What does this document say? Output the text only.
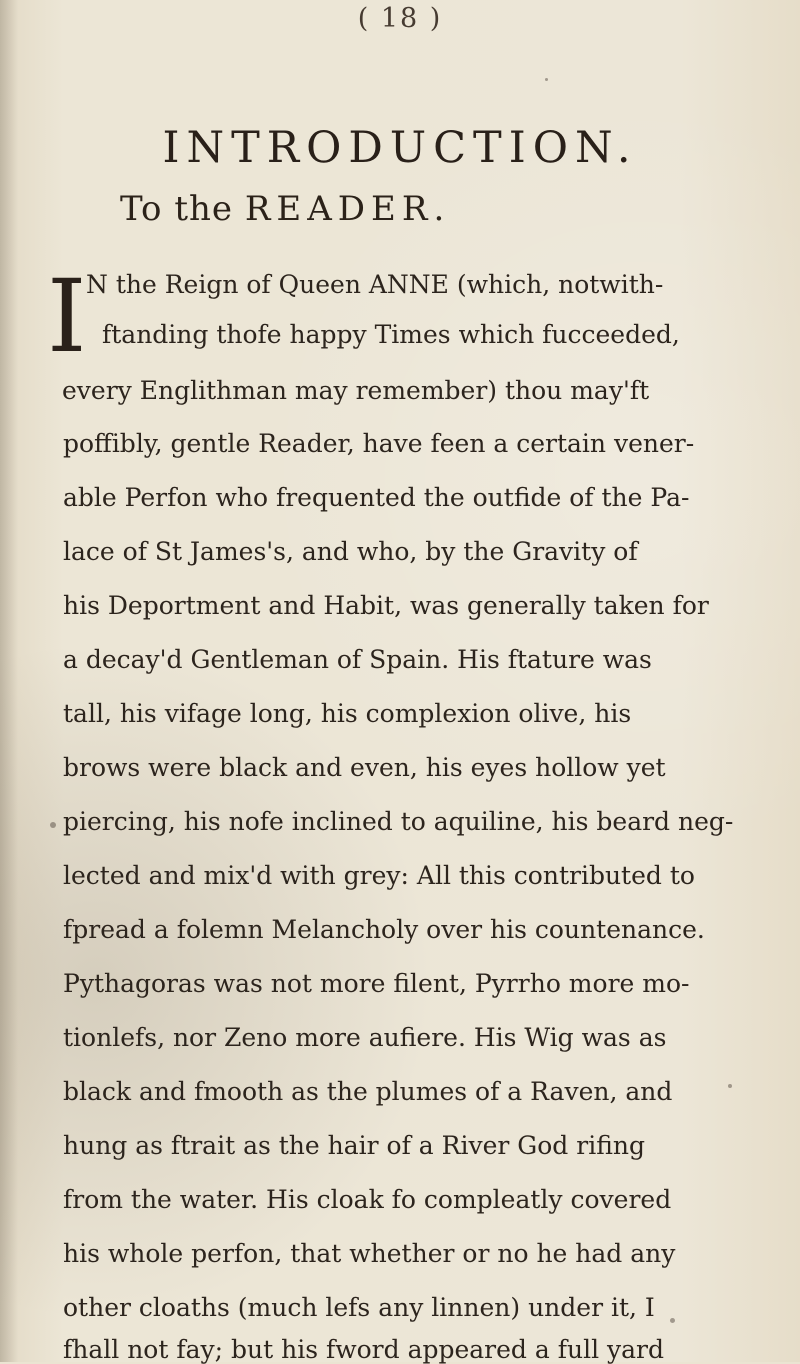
( 18 )
INTRODUCTION.
To the READER.
I N the Reign of Queen ANNE (which, notwith-
ftanding thofe happy Times which fucceeded,
every Englithman may remember) thou may'ft
poffibly, gentle Reader, have feen a certain vener-
able Perfon who frequented the outfide of the Pa-
lace of St James's, and who, by the Gravity of
his Deportment and Habit, was generally taken for
a decay'd Gentleman of Spain. His ftature was
tall, his vifage long, his complexion olive, his
brows were black and even, his eyes hollow yet
piercing, his nofe inclined to aquiline, his beard neg-
lected and mix'd with grey: All this contributed to
fpread a folemn Melancholy over his countenance.
Pythagoras was not more filent, Pyrrho more mo-
tionlefs, nor Zeno more aufiere. His Wig was as
black and fmooth as the plumes of a Raven, and
hung as ftrait as the hair of a River God rifing
from the water. His cloak fo compleatly covered
his whole perfon, that whether or no he had any
other cloaths (much lefs any linnen) under it, I
fhall not fay; but his fword appeared a full yard
